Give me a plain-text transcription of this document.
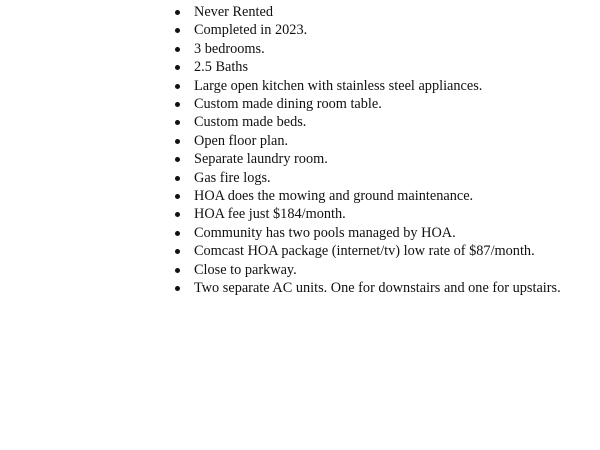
Never Rented
Completed in 2023.
3 bedrooms.
2.5 Baths
Large open kitchen with stainless steel appliances.
Custom made dining room table.
Custom made beds.
Open floor plan.
Separate laundry room.
Gas fire logs.
HOA does the mowing and ground maintenance.
HOA fee just $184/month.
Community has two pools managed by HOA.
Comcast HOA package (internet/tv) low rate of $87/month.
Close to parkway.
Two separate AC units. One for downstairs and one for upstairs.
